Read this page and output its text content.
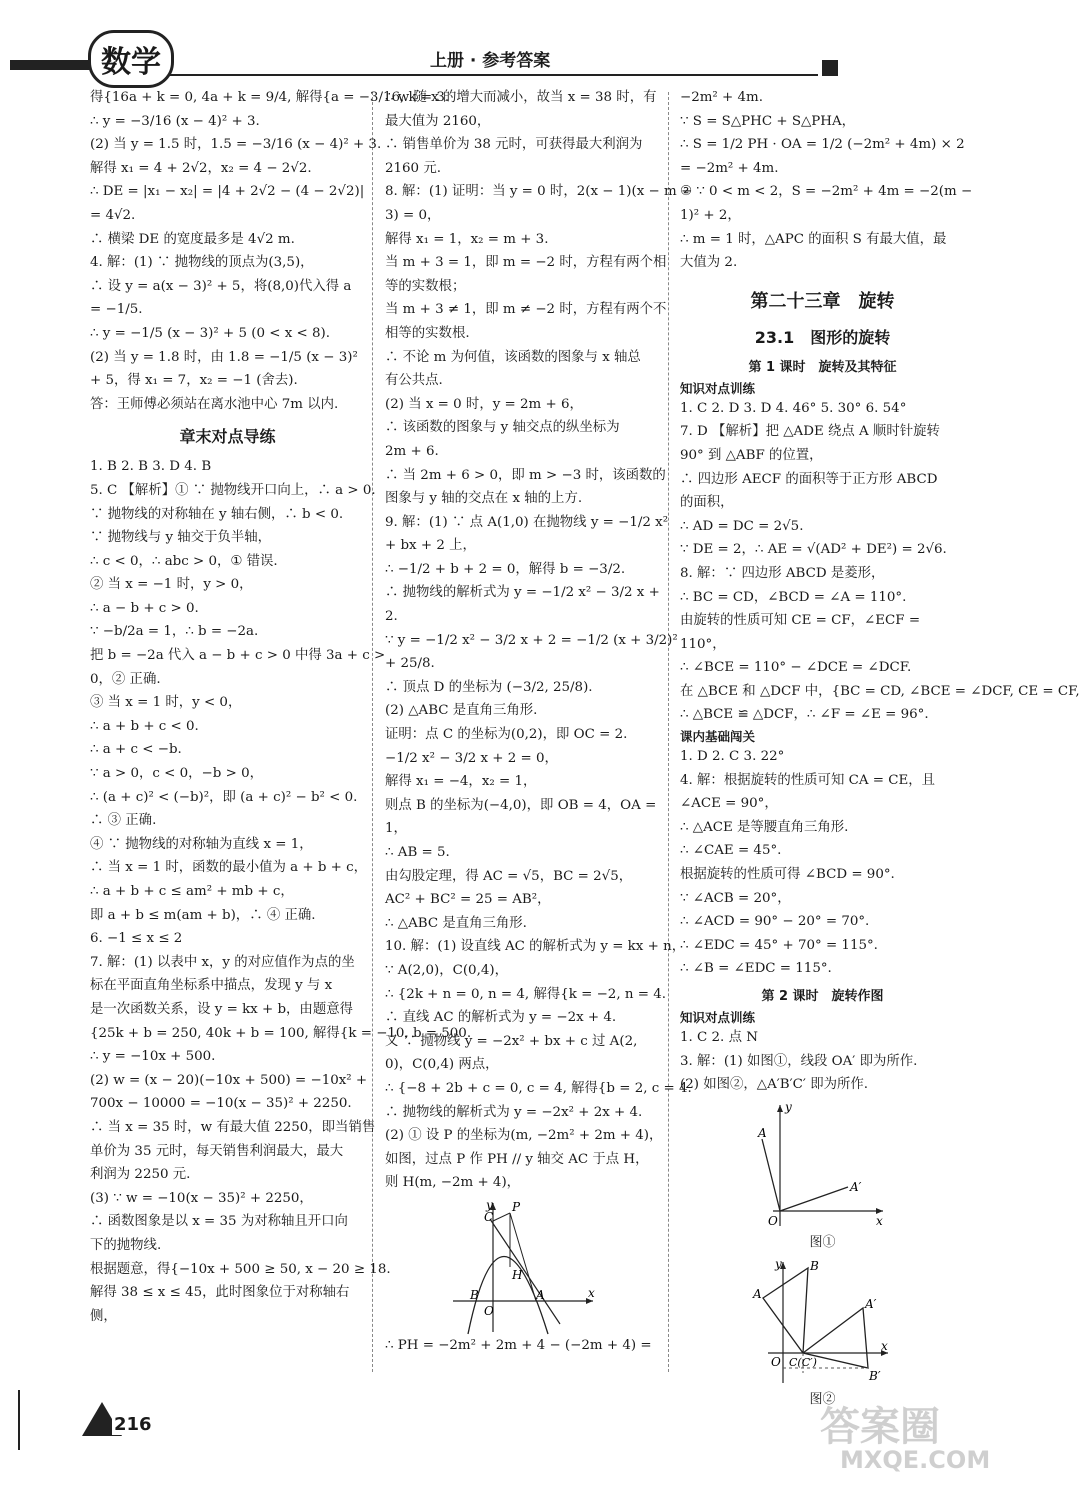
数学	上册 · 参考答案
得{16a + k = 0, 4a + k = 9/4, 解得{a = −3/16, k = 3.
∴ y = −3/16 (x − 4)² + 3.
(2) 当 y = 1.5 时，1.5 = −3/16 (x − 4)² + 3.
解得 x₁ = 4 + 2√2，x₂ = 4 − 2√2.
∴ DE = |x₁ − x₂| = |4 + 2√2 − (4 − 2√2)|
= 4√2.
∴ 横梁 DE 的宽度最多是 4√2 m.
4. 解：(1) ∵ 抛物线的顶点为(3,5)，
∴ 设 y = a(x − 3)² + 5，将(8,0)代入得 a
= −1/5.
∴ y = −1/5 (x − 3)² + 5 (0 < x < 8).
(2) 当 y = 1.8 时，由 1.8 = −1/5 (x − 3)²
+ 5，得 x₁ = 7，x₂ = −1 (舍去).
答：王师傅必须站在离水池中心 7m 以内.
章末对点导练
1. B 2. B 3. D 4. B
5. C 【解析】① ∵ 抛物线开口向上，∴ a > 0.
∵ 抛物线的对称轴在 y 轴右侧，∴ b < 0.
∵ 抛物线与 y 轴交于负半轴，
∴ c < 0，∴ abc > 0，① 错误.
② 当 x = −1 时，y > 0，
∴ a − b + c > 0.
∵ −b/2a = 1，∴ b = −2a.
把 b = −2a 代入 a − b + c > 0 中得 3a + c >
0，② 正确.
③ 当 x = 1 时，y < 0，
∴ a + b + c < 0.
∴ a + c < −b.
∵ a > 0，c < 0，−b > 0，
∴ (a + c)² < (−b)²，即 (a + c)² − b² < 0.
∴ ③ 正确.
④ ∵ 抛物线的对称轴为直线 x = 1，
∴ 当 x = 1 时，函数的最小值为 a + b + c，
∴ a + b + c ≤ am² + mb + c，
即 a + b ≤ m(am + b)，∴ ④ 正确.
6. −1 ≤ x ≤ 2
7. 解：(1) 以表中 x，y 的对应值作为点的坐
标在平面直角坐标系中描点，发现 y 与 x
是一次函数关系，设 y = kx + b，由题意得
{25k + b = 250, 40k + b = 100, 解得{k = −10, b = 500.
∴ y = −10x + 500.
(2) w = (x − 20)(−10x + 500) = −10x² +
700x − 10000 = −10(x − 35)² + 2250.
∴ 当 x = 35 时，w 有最大值 2250，即当销售
单价为 35 元时，每天销售利润最大，最大
利润为 2250 元.
(3) ∵ w = −10(x − 35)² + 2250，
∴ 函数图象是以 x = 35 为对称轴且开口向
下的抛物线.
根据题意，得{−10x + 500 ≥ 50, x − 20 ≥ 18.
解得 38 ≤ x ≤ 45，此时图象位于对称轴右
侧，
∴ w 随 x 的增大而减小，故当 x = 38 时，有
最大值为 2160，
∴ 销售单价为 38 元时，可获得最大利润为
2160 元.
8. 解：(1) 证明：当 y = 0 时，2(x − 1)(x − m −
3) = 0，
解得 x₁ = 1，x₂ = m + 3.
当 m + 3 = 1，即 m = −2 时，方程有两个相
等的实数根；
当 m + 3 ≠ 1，即 m ≠ −2 时，方程有两个不
相等的实数根.
∴ 不论 m 为何值，该函数的图象与 x 轴总
有公共点.
(2) 当 x = 0 时，y = 2m + 6，
∴ 该函数的图象与 y 轴交点的纵坐标为
2m + 6.
∴ 当 2m + 6 > 0，即 m > −3 时，该函数的
图象与 y 轴的交点在 x 轴的上方.
9. 解：(1) ∵ 点 A(1,0) 在抛物线 y = −1/2 x²
+ bx + 2 上，
∴ −1/2 + b + 2 = 0，解得 b = −3/2.
∴ 抛物线的解析式为 y = −1/2 x² − 3/2 x +
2.
∵ y = −1/2 x² − 3/2 x + 2 = −1/2 (x + 3/2)²
+ 25/8.
∴ 顶点 D 的坐标为 (−3/2, 25/8).
(2) △ABC 是直角三角形.
证明：点 C 的坐标为(0,2)，即 OC = 2.
−1/2 x² − 3/2 x + 2 = 0，
解得 x₁ = −4，x₂ = 1，
则点 B 的坐标为(−4,0)，即 OB = 4，OA =
1，
∴ AB = 5.
由勾股定理，得 AC = √5，BC = 2√5，
AC² + BC² = 25 = AB²，
∴ △ABC 是直角三角形.
10. 解：(1) 设直线 AC 的解析式为 y = kx + n，
∵ A(2,0)，C(0,4)，
∴ {2k + n = 0, n = 4, 解得{k = −2, n = 4.
∴ 直线 AC 的解析式为 y = −2x + 4.
又 ∵ 抛物线 y = −2x² + bx + c 过 A(2,
0)，C(0,4) 两点，
∴ {−8 + 2b + c = 0, c = 4, 解得{b = 2, c = 4.
∴ 抛物线的解析式为 y = −2x² + 2x + 4.
(2) ① 设 P 的坐标为(m, −2m² + 2m + 4)，
如图，过点 P 作 PH // y 轴交 AC 于点 H，
则 H(m, −2m + 4)，
C
P
H
B	A
O
y
x
∴ PH = −2m² + 2m + 4 − (−2m + 4) =
−2m² + 4m.
∵ S = S△PHC + S△PHA，
∴ S = 1/2 PH · OA = 1/2 (−2m² + 4m) × 2
= −2m² + 4m.
② ∵ 0 < m < 2，S = −2m² + 4m = −2(m −
1)² + 2，
∴ m = 1 时，△APC 的面积 S 有最大值，最
大值为 2.
第二十三章　旋转
23.1　图形的旋转
第 1 课时　旋转及其特征
知识对点训练
1. C 2. D 3. D 4. 46° 5. 30° 6. 54°
7. D 【解析】把 △ADE 绕点 A 顺时针旋转
90° 到 △ABF 的位置，
∴ 四边形 AECF 的面积等于正方形 ABCD
的面积，
∴ AD = DC = 2√5.
∵ DE = 2，∴ AE = √(AD² + DE²) = 2√6.
8. 解：∵ 四边形 ABCD 是菱形，
∴ BC = CD，∠BCD = ∠A = 110°.
由旋转的性质可知 CE = CF，∠ECF =
110°，
∴ ∠BCE = 110° − ∠DCE = ∠DCF.
在 △BCE 和 △DCF 中，{BC = CD, ∠BCE = ∠DCF, CE = CF,
∴ △BCE ≌ △DCF，∴ ∠F = ∠E = 96°.
课内基础闯关
1. D 2. C 3. 22°
4. 解：根据旋转的性质可知 CA = CE，且
∠ACE = 90°，
∴ △ACE 是等腰直角三角形.
∴ ∠CAE = 45°.
根据旋转的性质可得 ∠BCD = 90°.
∵ ∠ACB = 20°，
∴ ∠ACD = 90° − 20° = 70°.
∴ ∠EDC = 45° + 70° = 115°.
∴ ∠B = ∠EDC = 115°.
第 2 课时　旋转作图
知识对点训练
1. C 2. 点 N
3. 解：(1) 如图①，线段 OA′ 即为所作.
(2) 如图②，△A′B′C′ 即为所作.
A
A′
O
y
x
图①
A
B
A′
B′
C(C′)
O
y
x
图②
216	答案圈
MXQE.COM
